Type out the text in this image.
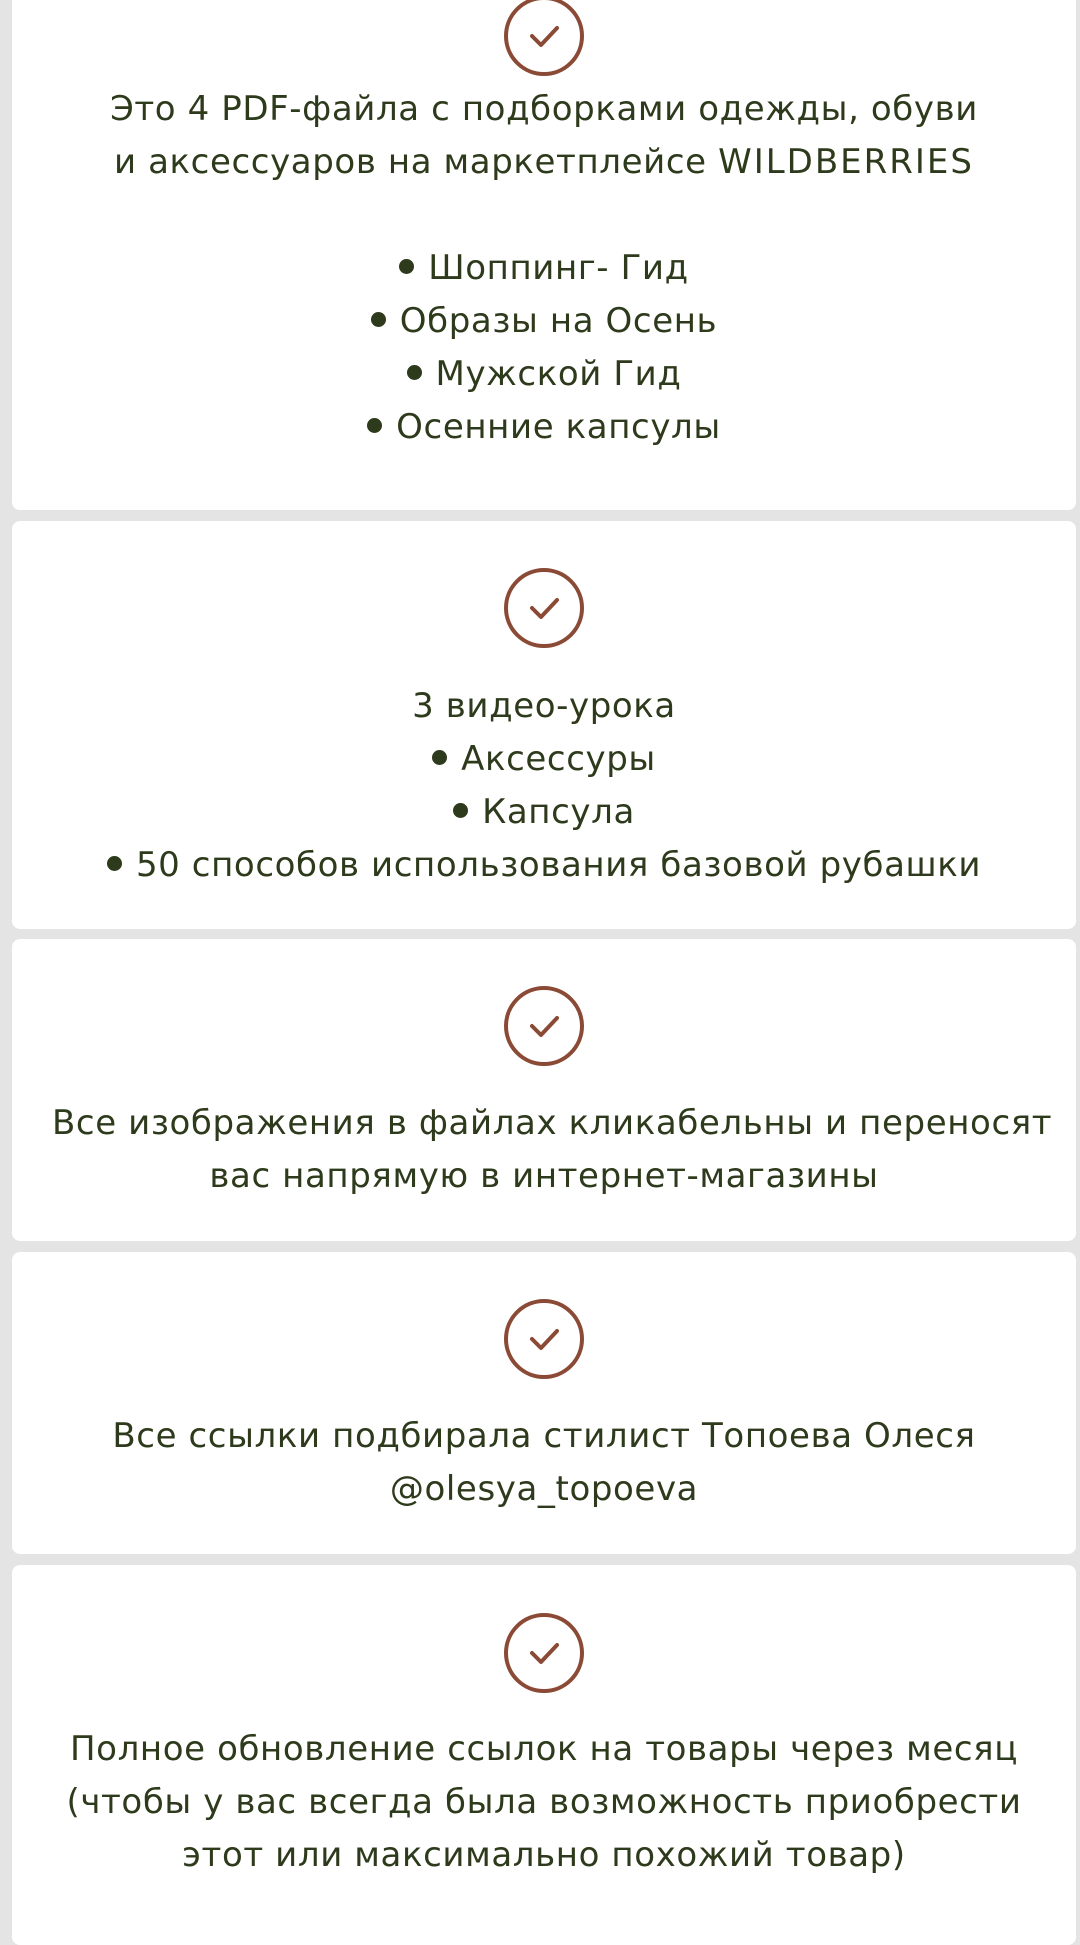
Это 4 PDF-файла с подборками одежды, обуви
и аксессуаров на маркетплейсе WILDBERRIES

Шоппинг- Гид
Образы на Осень
Мужской Гид
Осенние капсулы
3 видео-урока
Аксессуры
Капсула
50 способов использования базовой рубашки
Все изображения в файлах кликабельны и переносят
вас напрямую в интернет-магазины
Все ссылки подбирала стилист Топоева Олеся
@olesya_topoeva
Полное обновление ссылок на товары через месяц
(чтобы у вас всегда была возможность приобрести
этот или максимально похожий товар)
